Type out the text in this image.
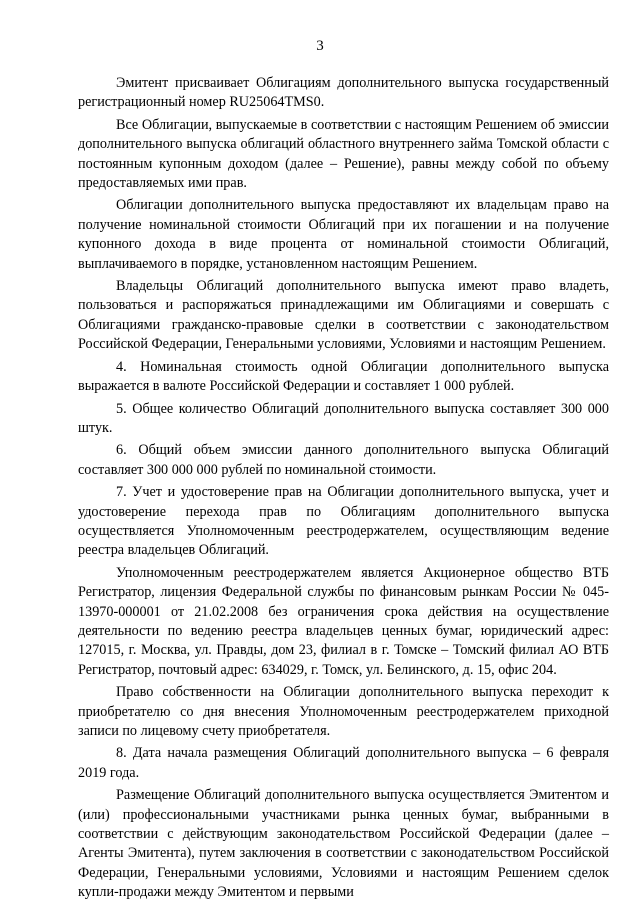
3

Эмитент присваивает Облигациям дополнительного выпуска государственный регистрационный номер RU25064TMS0.

Все Облигации, выпускаемые в соответствии с настоящим Решением об эмиссии дополнительного выпуска облигаций областного внутреннего займа Томской области с постоянным купонным доходом (далее – Решение), равны между собой по объему предоставляемых ими прав.

Облигации дополнительного выпуска предоставляют их владельцам право на получение номинальной стоимости Облигаций при их погашении и на получение купонного дохода в виде процента от номинальной стоимости Облигаций, выплачиваемого в порядке, установленном настоящим Решением.

Владельцы Облигаций дополнительного выпуска имеют право владеть, пользоваться и распоряжаться принадлежащими им Облигациями и совершать с Облигациями гражданско-правовые сделки в соответствии с законодательством Российской Федерации, Генеральными условиями, Условиями и настоящим Решением.

4. Номинальная стоимость одной Облигации дополнительного выпуска выражается в валюте Российской Федерации и составляет 1 000 рублей.

5. Общее количество Облигаций дополнительного выпуска составляет 300 000 штук.

6. Общий объем эмиссии данного дополнительного выпуска Облигаций составляет 300 000 000 рублей по номинальной стоимости.

7. Учет и удостоверение прав на Облигации дополнительного выпуска, учет и удостоверение перехода прав по Облигациям дополнительного выпуска осуществляется Уполномоченным реестродержателем, осуществляющим ведение реестра владельцев Облигаций.

Уполномоченным реестродержателем является Акционерное общество ВТБ Регистратор, лицензия Федеральной службы по финансовым рынкам России № 045-13970-000001 от 21.02.2008 без ограничения срока действия на осуществление деятельности по ведению реестра владельцев ценных бумаг, юридический адрес: 127015, г. Москва, ул. Правды, дом 23, филиал в г. Томске – Томский филиал АО ВТБ Регистратор, почтовый адрес: 634029, г. Томск, ул. Белинского, д. 15, офис 204.

Право собственности на Облигации дополнительного выпуска переходит к приобретателю со дня внесения Уполномоченным реестродержателем приходной записи по лицевому счету приобретателя.

8. Дата начала размещения Облигаций дополнительного выпуска – 6 февраля 2019 года.

Размещение Облигаций дополнительного выпуска осуществляется Эмитентом и (или) профессиональными участниками рынка ценных бумаг, выбранными в соответствии с действующим законодательством Российской Федерации (далее – Агенты Эмитента), путем заключения в соответствии с законодательством Российской Федерации, Генеральными условиями, Условиями и настоящим Решением сделок купли-продажи между Эмитентом и первыми
